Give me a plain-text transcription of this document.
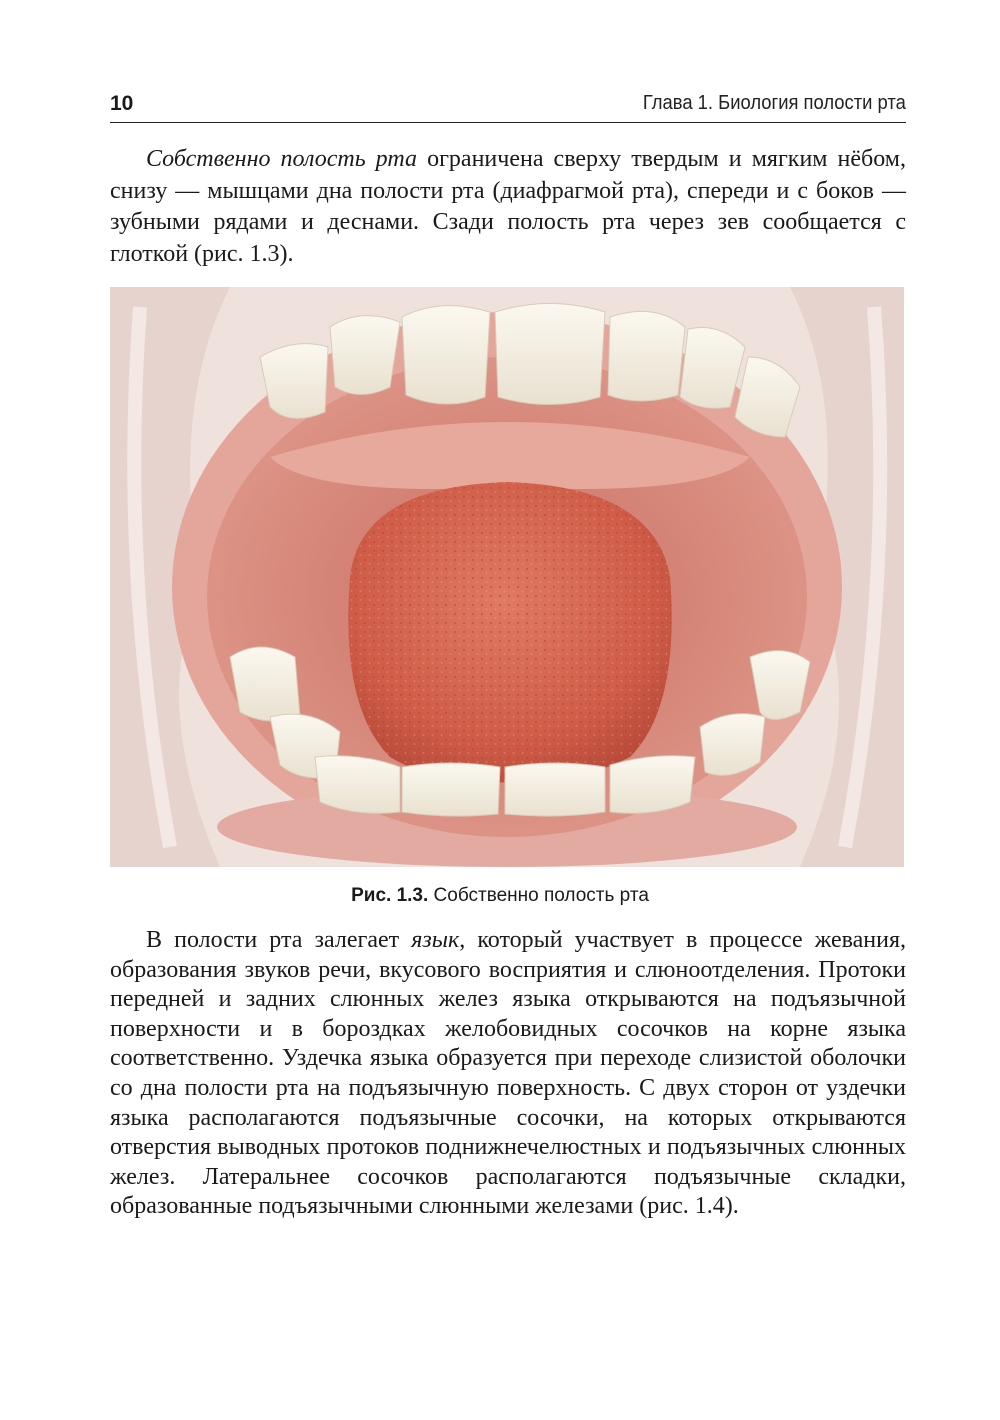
10	Глава 1. Биология полости рта

Собственно полость рта ограничена сверху твердым и мягким нёбом, снизу — мышцами дна полости рта (диафрагмой рта), спереди и с боков — зубными рядами и деснами. Сзади полость рта через зев сообщается с глоткой (рис. 1.3).

Рис. 1.3. Собственно полость рта

В полости рта залегает язык, который участвует в процессе жевания, образования звуков речи, вкусового восприятия и слюноотделения. Протоки передней и задних слюнных желез языка открываются на подъязычной поверхности и в бороздках желобовидных сосочков на корне языка соответственно. Уздечка языка образуется при переходе слизистой оболочки со дна полости рта на подъязычную поверхность. С двух сторон от уздечки языка располагаются подъязычные сосочки, на которых открываются отверстия выводных протоков поднижнечелюстных и подъязычных слюнных желез. Латеральнее сосочков располагаются подъязычные складки, образованные подъязычными слюнными железами (рис. 1.4).
